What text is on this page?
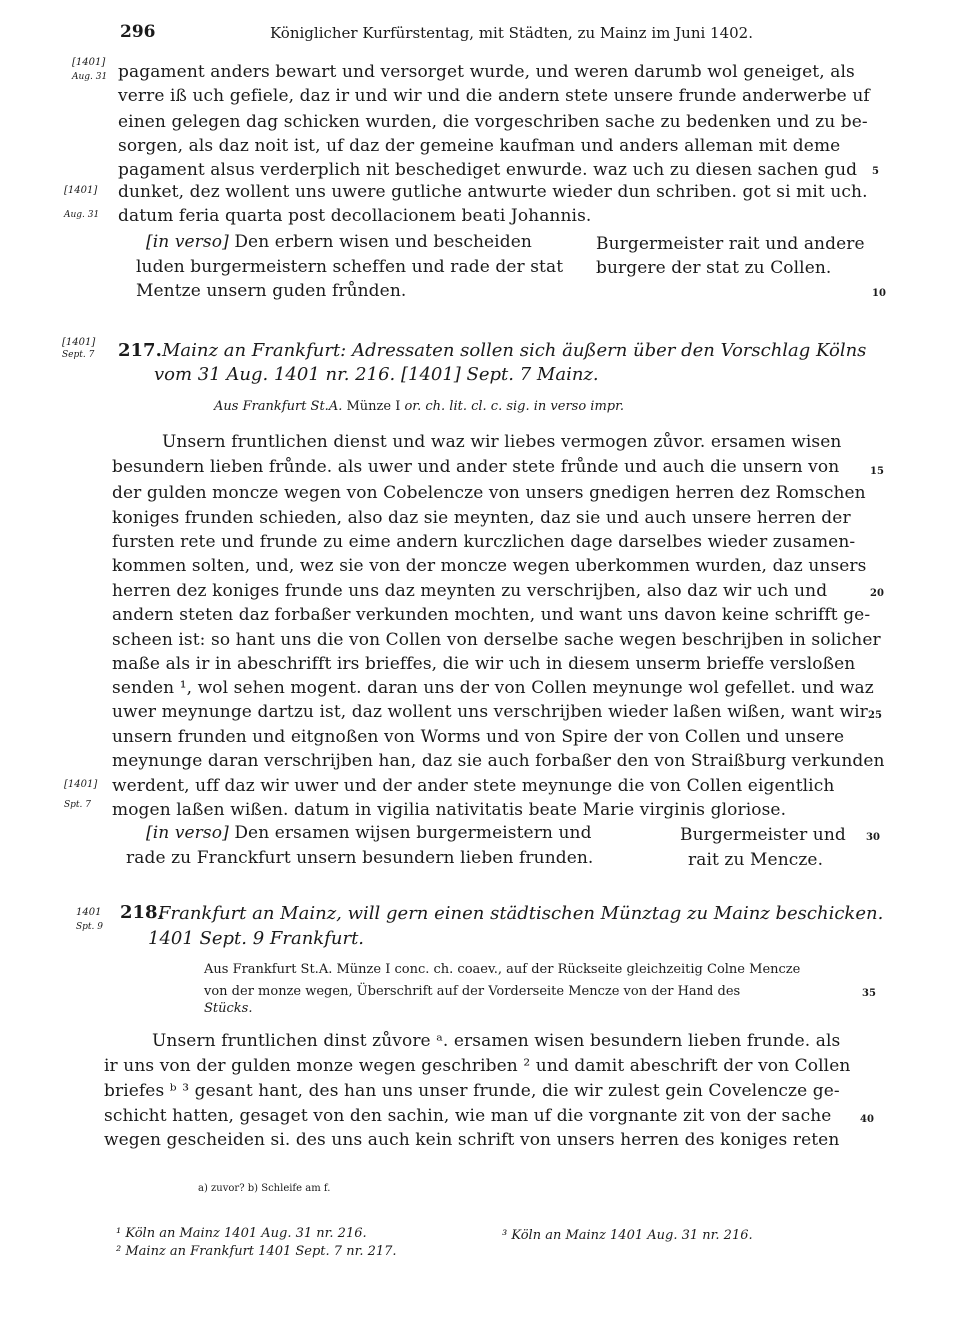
296	Königlicher Kurfürstentag, mit Städten, zu Mainz im Juni 1402.
[1401]
Aug. 31 pagament anders bewart und versorget wurde, und weren darumb wol geneiget, als
verre iß uch gefiele, daz ir und wir und die andern stete unsere frunde anderwerbe uf
einen gelegen dag schicken wurden, die vorgeschriben sache zu bedenken und zu be-
sorgen, als daz noit ist, uf daz der gemeine kaufman und anders alleman mit deme
pagament alsus verderplich nit beschediget enwurde. waz uch zu diesen sachen gud 5
[1401] dunket, dez wollent uns uwere gutliche antwurte wieder dun schriben. got si mit uch.
Aug. 31 datum feria quarta post decollacionem beati Johannis.
[in verso] Den erbern wisen und bescheiden
luden burgermeistern scheffen und rade der stat
Mentze unsern guden frůnden.
Burgermeister rait und andere
burgere der stat zu Collen.
10
[1401]
Sept. 7 217. Mainz an Frankfurt: Adressaten sollen sich äußern über den Vorschlag Kölns
vom 31 Aug. 1401 nr. 216. [1401] Sept. 7 Mainz.
Aus Frankfurt St.A. Münze I or. ch. lit. cl. c. sig. in verso impr.
Unsern fruntlichen dienst und waz wir liebes vermogen zůvor. ersamen wisen
besundern lieben frůnde. als uwer und ander stete frůnde und auch die unsern von	15
der gulden moncze wegen von Cobelencze von unsers gnedigen herren dez Romschen
koniges frunden schieden, also daz sie meynten, daz sie und auch unsere herren der
fursten rete und frunde zu eime andern kurczlichen dage darselbes wieder zusamen-
kommen solten, und, wez sie von der moncze wegen uberkommen wurden, daz unsers
herren dez koniges frunde uns daz meynten zu verschrijben, also daz wir uch und	20
andern steten daz forbaßer verkunden mochten, und want uns davon keine schrifft ge-
scheen ist: so hant uns die von Collen von derselbe sache wegen beschrijben in solicher
maße als ir in abeschrifft irs brieffes, die wir uch in diesem unserm brieffe versloßen
senden ¹, wol sehen mogent. daran uns der von Collen meynunge wol gefellet. und waz
uwer meynunge dartzu ist, daz wollent uns verschrijben wieder laßen wißen, want wir 25
unsern frunden und eitgnoßen von Worms und von Spire der von Collen und unsere
meynunge daran verschrijben han, daz sie auch forbaßer den von Straißburg verkunden
[1401]
Spt. 7
werdent, uff daz wir uwer und der ander stete meynunge die von Collen eigentlich
mogen laßen wißen. datum in vigilia nativitatis beate Marie virginis gloriose.
[in verso] Den ersamen wijsen burgermeistern und
rade zu Franckfurt unsern besundern lieben frunden.
Burgermeister und
rait zu Mencze.
30
1401
Spt. 9
218.
Frankfurt an Mainz, will gern einen städtischen Münztag zu Mainz beschicken.
1401 Sept. 9 Frankfurt.
Aus Frankfurt St.A. Münze I conc. ch. coaev., auf der Rückseite gleichzeitig Colne Mencze
von der monze wegen, Überschrift auf der Vorderseite Mencze von der Hand des	35
Stücks.
Unsern fruntlichen dinst zůvore ᵃ. ersamen wisen besundern lieben frunde. als
ir uns von der gulden monze wegen geschriben ² und damit abeschrift der von Collen
briefes ᵇ ³ gesant hant, des han uns unser frunde, die wir zulest gein Covelencze ge-
schicht hatten, gesaget von den sachin, wie man uf die vorgnante zit von der sache	40
wegen gescheiden si. des uns auch kein schrift von unsers herren des koniges reten
a) zuvor? b) Schleife am f.
¹ Köln an Mainz 1401 Aug. 31 nr. 216.
² Mainz an Frankfurt 1401 Sept. 7 nr. 217.
³ Köln an Mainz 1401 Aug. 31 nr. 216.
